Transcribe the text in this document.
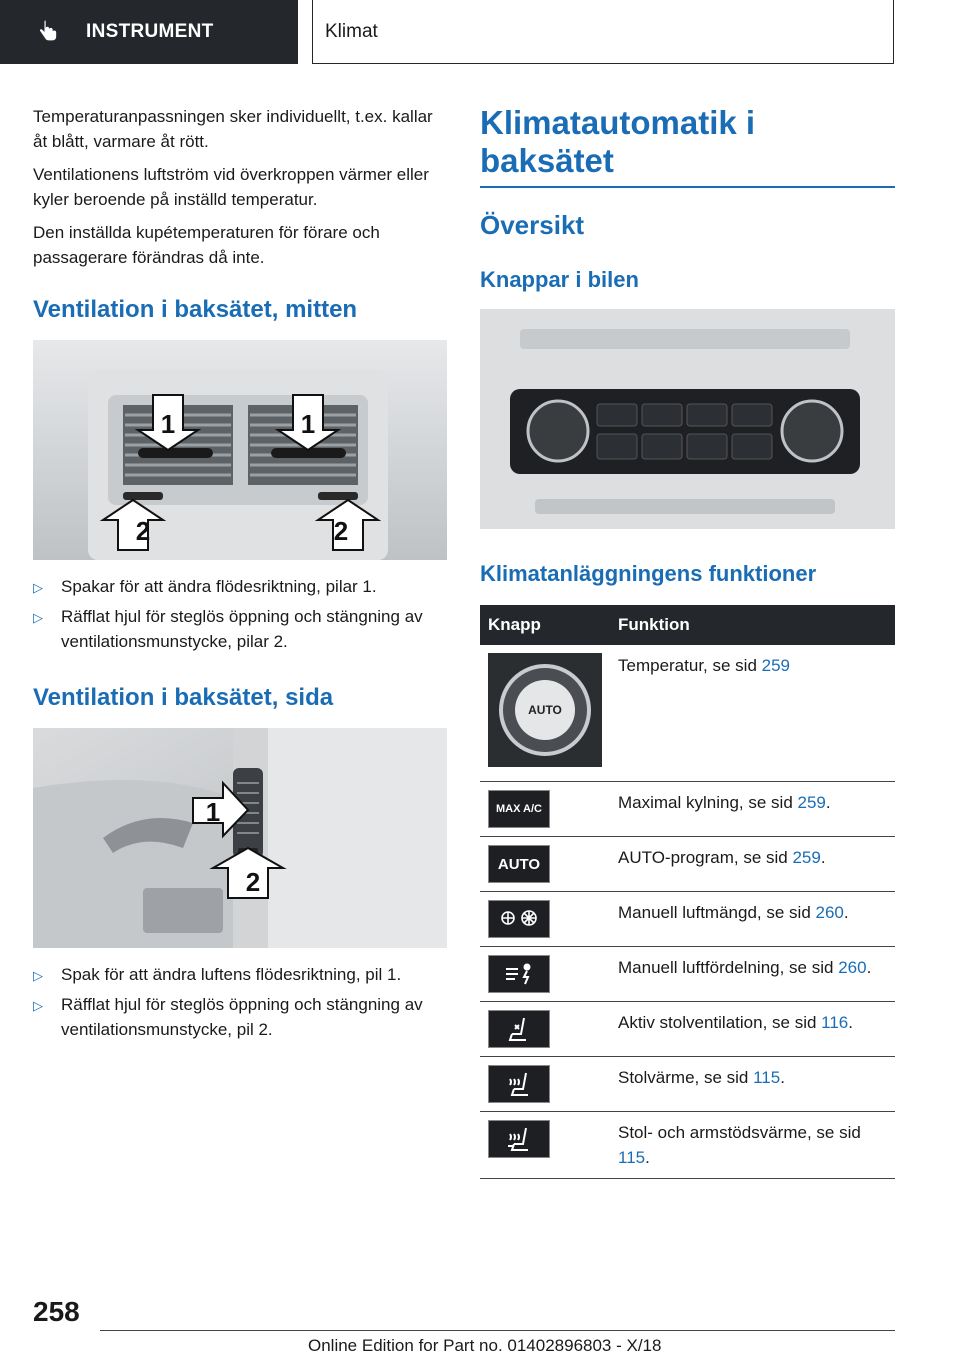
INSTRUMENT	Klimat

Temperaturanpassningen sker individuellt, t.ex. kallar åt blått, varmare åt rött.

Ventilationens luftström vid överkroppen värmer eller kyler beroende på inställd temperatur.

Den inställda kupétemperaturen för förare och passagerare förändras då inte.

Ventilation i baksätet, mitten
1	1
2	2
▷	Spakar för att ändra flödesriktning, pilar 1.
▷	Räfflat hjul för steglös öppning och stängning av ventilationsmunstycke, pilar 2.
Ventilation i baksätet, sida
1
2
▷	Spak för att ändra luftens flödesriktning, pil 1.
▷	Räfflat hjul för steglös öppning och stängning av ventilationsmunstycke, pil 2.
Klimatautomatik i baksätet
Översikt
Knappar i bilen
Klimatanläggningens funktioner
Knapp	Funktion

AUTO	Temperatur, se sid 259

MAX A/C	Maximal kylning, se sid 259.

AUTO	AUTO-program, se sid 259.

	Manuell luftmängd, se sid 260.

	Manuell luftfördelning, se sid 260.

	Aktiv stolventilation, se sid 116.

	Stolvärme, se sid 115.

	Stol- och armstödsvärme, se sid 115.
258
Online Edition for Part no. 01402896803 - X/18
